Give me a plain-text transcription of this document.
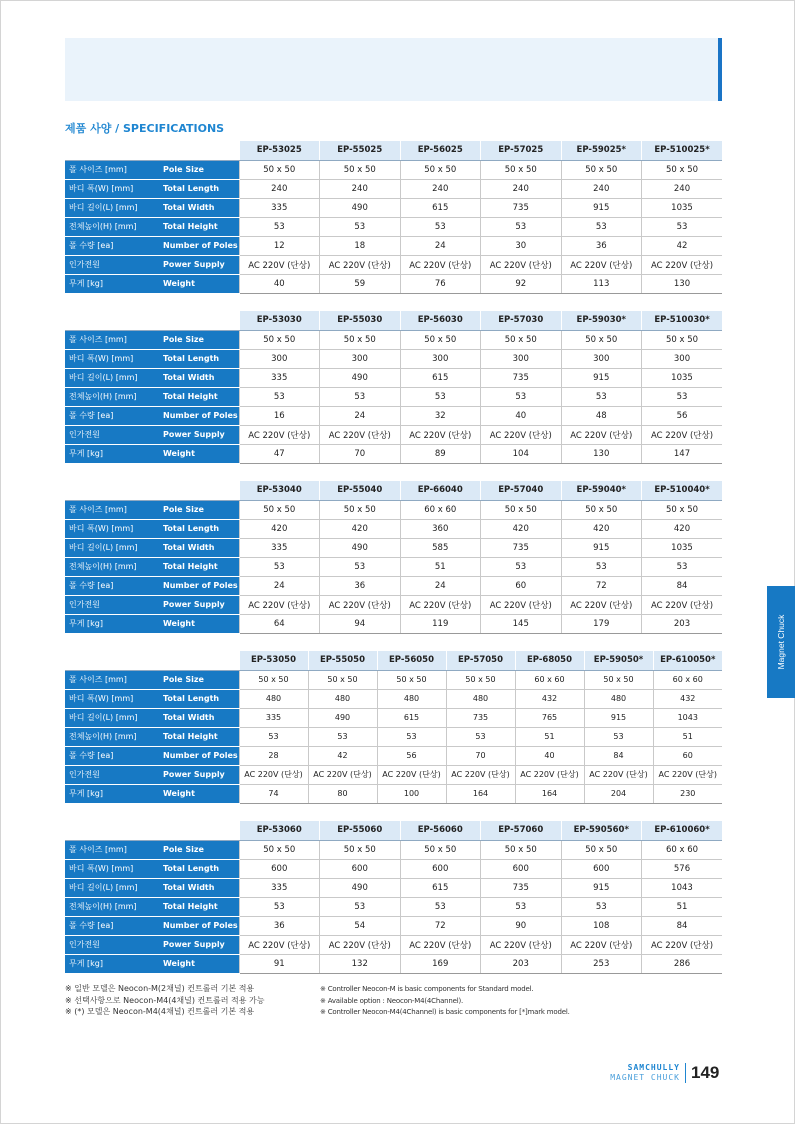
제품 사양 / SPECIFICATIONS
		EP-53025	EP-55025	EP-56025	EP-57025	EP-59025*	EP-510025*
폴 사이즈 [mm]	Pole Size	50 x 50	50 x 50	50 x 50	50 x 50	50 x 50	50 x 50
바디 폭(W) [mm]	Total Length	240	240	240	240	240	240
바디 길이(L) [mm]	Total Width	335	490	615	735	915	1035
전체높이(H) [mm]	Total Height	53	53	53	53	53	53
폴 수량 [ea]	Number of Poles	12	18	24	30	36	42
인가전원	Power Supply	AC 220V (단상)	AC 220V (단상)	AC 220V (단상)	AC 220V (단상)	AC 220V (단상)	AC 220V (단상)
무게 [kg]	Weight	40	59	76	92	113	130
		EP-53030	EP-55030	EP-56030	EP-57030	EP-59030*	EP-510030*
폴 사이즈 [mm]	Pole Size	50 x 50	50 x 50	50 x 50	50 x 50	50 x 50	50 x 50
바디 폭(W) [mm]	Total Length	300	300	300	300	300	300
바디 길이(L) [mm]	Total Width	335	490	615	735	915	1035
전체높이(H) [mm]	Total Height	53	53	53	53	53	53
폴 수량 [ea]	Number of Poles	16	24	32	40	48	56
인가전원	Power Supply	AC 220V (단상)	AC 220V (단상)	AC 220V (단상)	AC 220V (단상)	AC 220V (단상)	AC 220V (단상)
무게 [kg]	Weight	47	70	89	104	130	147
		EP-53040	EP-55040	EP-66040	EP-57040	EP-59040*	EP-510040*
폴 사이즈 [mm]	Pole Size	50 x 50	50 x 50	60 x 60	50 x 50	50 x 50	50 x 50
바디 폭(W) [mm]	Total Length	420	420	360	420	420	420
바디 길이(L) [mm]	Total Width	335	490	585	735	915	1035
전체높이(H) [mm]	Total Height	53	53	51	53	53	53
폴 수량 [ea]	Number of Poles	24	36	24	60	72	84
인가전원	Power Supply	AC 220V (단상)	AC 220V (단상)	AC 220V (단상)	AC 220V (단상)	AC 220V (단상)	AC 220V (단상)
무게 [kg]	Weight	64	94	119	145	179	203
		EP-53050	EP-55050	EP-56050	EP-57050	EP-68050	EP-59050*	EP-610050*
폴 사이즈 [mm]	Pole Size	50 x 50	50 x 50	50 x 50	50 x 50	60 x 60	50 x 50	60 x 60
바디 폭(W) [mm]	Total Length	480	480	480	480	432	480	432
바디 길이(L) [mm]	Total Width	335	490	615	735	765	915	1043
전체높이(H) [mm]	Total Height	53	53	53	53	51	53	51
폴 수량 [ea]	Number of Poles	28	42	56	70	40	84	60
인가전원	Power Supply	AC 220V (단상)	AC 220V (단상)	AC 220V (단상)	AC 220V (단상)	AC 220V (단상)	AC 220V (단상)	AC 220V (단상)
무게 [kg]	Weight	74	80	100	164	164	204	230
		EP-53060	EP-55060	EP-56060	EP-57060	EP-590560*	EP-610060*
폴 사이즈 [mm]	Pole Size	50 x 50	50 x 50	50 x 50	50 x 50	50 x 50	60 x 60
바디 폭(W) [mm]	Total Length	600	600	600	600	600	576
바디 길이(L) [mm]	Total Width	335	490	615	735	915	1043
전체높이(H) [mm]	Total Height	53	53	53	53	53	51
폴 수량 [ea]	Number of Poles	36	54	72	90	108	84
인가전원	Power Supply	AC 220V (단상)	AC 220V (단상)	AC 220V (단상)	AC 220V (단상)	AC 220V (단상)	AC 220V (단상)
무게 [kg]	Weight	91	132	169	203	253	286
※ 일반 모델은 Neocon-M(2채널) 컨트롤러 기본 적용
※ 선택사항으로 Neocon-M4(4채널) 컨트롤러 적용 가능
※ (*) 모델은 Neocon-M4(4채널) 컨트롤러 기본 적용
※ Controller Neocon-M is basic components for Standard model.
※ Available option : Neocon-M4(4Channel).
※ Controller Neocon-M4(4Channel) is basic components for [*]mark model.
Magnet Chuck
SAMCHULLY
MAGNET CHUCK 149
